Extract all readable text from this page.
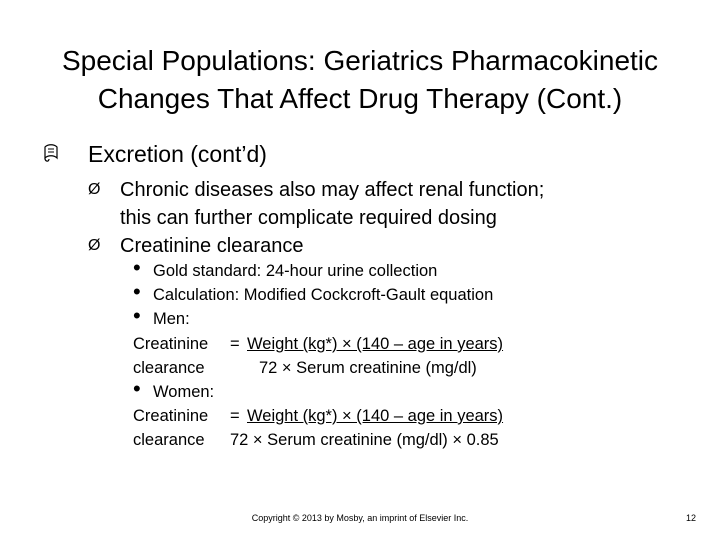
Special Populations: Geriatrics Pharmacokinetic
Changes That Affect Drug Therapy (Cont.)
Excretion (cont’d)
Ø Chronic diseases also may affect renal function;
this can further complicate required dosing
Ø Creatinine clearance
• Gold standard: 24-hour urine collection
• Calculation: Modified Cockcroft-Gault equation
• Men:
Creatinine = Weight (kg*) × (140 – age in years)
clearance	72 × Serum creatinine (mg/dl)
• Women:
Creatinine = Weight (kg*) × (140 – age in years)
clearance 72 × Serum creatinine (mg/dl) × 0.85
Copyright © 2013 by Mosby, an imprint of Elsevier Inc.	12
